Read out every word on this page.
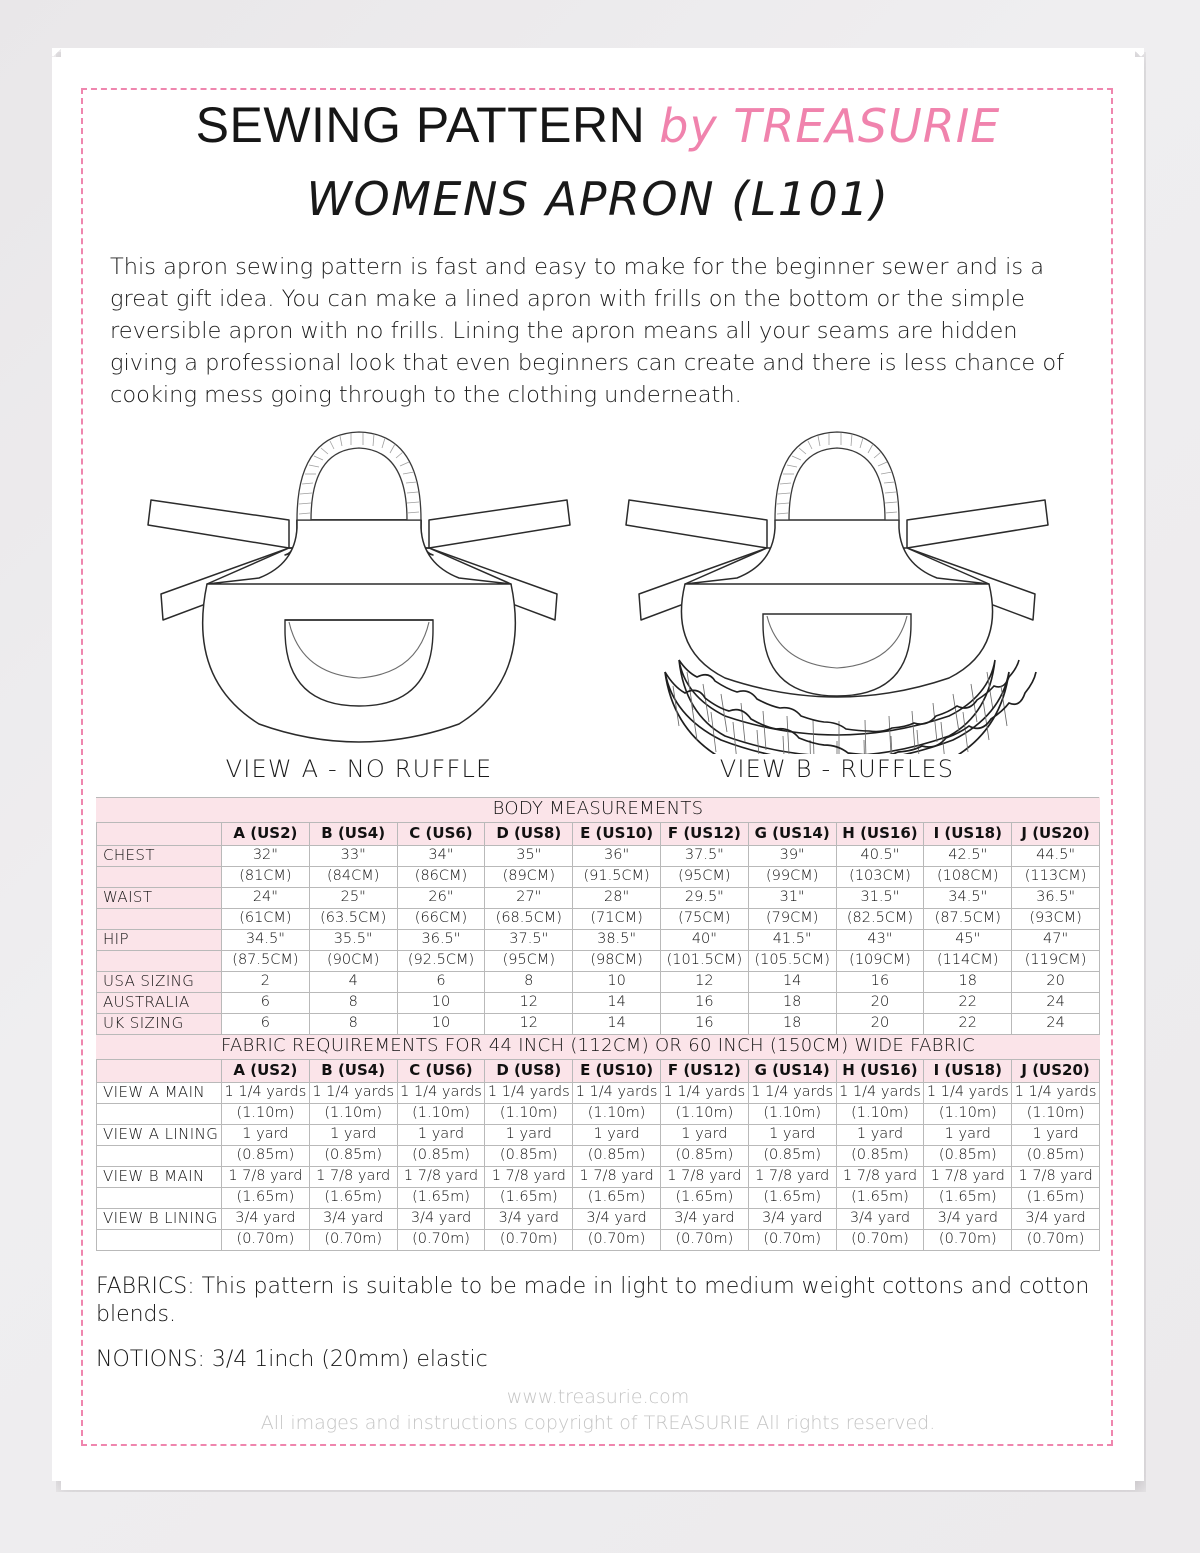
SEWING PATTERN by TREASURIE
WOMENS APRON (L101)
This apron sewing pattern is fast and easy to make for the beginner sewer and is a great gift idea. You can make a lined apron with frills on the bottom or the simple reversible apron with no frills. Lining the apron means all your seams are hidden giving a professional look that even beginners can create and there is less chance of cooking mess going through to the clothing underneath.
VIEW A - NO RUFFLE	VIEW B - RUFFLES
BODY MEASUREMENTS										
	A (US2)	B (US4)	C (US6)	D (US8)	E (US10)	F (US12)	G (US14)	H (US16)	I (US18)	J (US20)
CHEST	32"	33"	34"	35"	36"	37.5"	39"	40.5"	42.5"	44.5"
	(81CM)	(84CM)	(86CM)	(89CM)	(91.5CM)	(95CM)	(99CM)	(103CM)	(108CM)	(113CM)
WAIST	24"	25"	26"	27"	28"	29.5"	31"	31.5"	34.5"	36.5"
	(61CM)	(63.5CM)	(66CM)	(68.5CM)	(71CM)	(75CM)	(79CM)	(82.5CM)	(87.5CM)	(93CM)
HIP	34.5"	35.5"	36.5"	37.5"	38.5"	40"	41.5"	43"	45"	47"
	(87.5CM)	(90CM)	(92.5CM)	(95CM)	(98CM)	(101.5CM)	(105.5CM)	(109CM)	(114CM)	(119CM)
USA SIZING	2	4	6	8	10	12	14	16	18	20
AUSTRALIA	6	8	10	12	14	16	18	20	22	24
UK SIZING	6	8	10	12	14	16	18	20	22	24
FABRIC REQUIREMENTS FOR 44 INCH (112CM) OR 60 INCH (150CM) WIDE FABRIC										
	A (US2)	B (US4)	C (US6)	D (US8)	E (US10)	F (US12)	G (US14)	H (US16)	I (US18)	J (US20)
VIEW A MAIN	1 1/4 yards	1 1/4 yards	1 1/4 yards	1 1/4 yards	1 1/4 yards	1 1/4 yards	1 1/4 yards	1 1/4 yards	1 1/4 yards	1 1/4 yards
	(1.10m)	(1.10m)	(1.10m)	(1.10m)	(1.10m)	(1.10m)	(1.10m)	(1.10m)	(1.10m)	(1.10m)
VIEW A LINING	1 yard	1 yard	1 yard	1 yard	1 yard	1 yard	1 yard	1 yard	1 yard	1 yard
	(0.85m)	(0.85m)	(0.85m)	(0.85m)	(0.85m)	(0.85m)	(0.85m)	(0.85m)	(0.85m)	(0.85m)
VIEW B MAIN	1 7/8 yard	1 7/8 yard	1 7/8 yard	1 7/8 yard	1 7/8 yard	1 7/8 yard	1 7/8 yard	1 7/8 yard	1 7/8 yard	1 7/8 yard
	(1.65m)	(1.65m)	(1.65m)	(1.65m)	(1.65m)	(1.65m)	(1.65m)	(1.65m)	(1.65m)	(1.65m)
VIEW B LINING	3/4 yard	3/4 yard	3/4 yard	3/4 yard	3/4 yard	3/4 yard	3/4 yard	3/4 yard	3/4 yard	3/4 yard
	(0.70m)	(0.70m)	(0.70m)	(0.70m)	(0.70m)	(0.70m)	(0.70m)	(0.70m)	(0.70m)	(0.70m)

FABRICS: This pattern is suitable to be made in light to medium weight cottons and cotton blends.

NOTIONS: 3/4 1inch (20mm) elastic

www.treasurie.com
All images and instructions copyright of TREASURIE All rights reserved.
